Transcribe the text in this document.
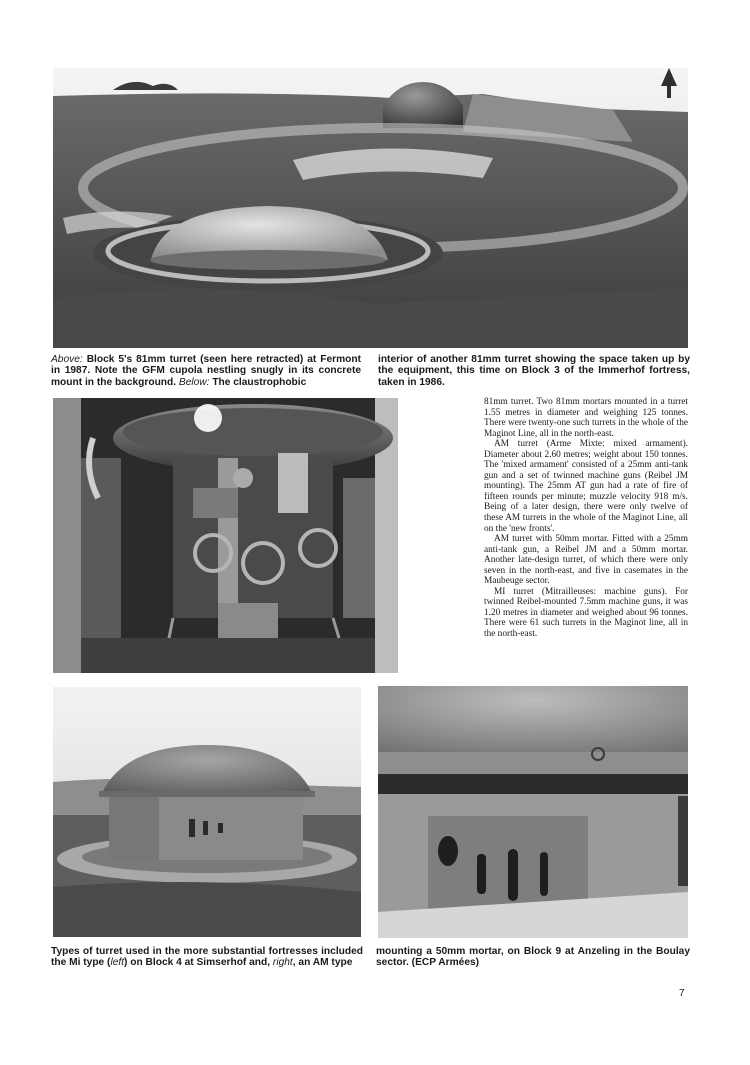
Above: Block 5's 81mm turret (seen here retracted) at Fermont in 1987. Note the GFM cupola nestling snugly in its concrete mount in the background. Below: The claustrophobic

interior of another 81mm turret showing the space taken up by the equipment, this time on Block 3 of the Immerhof fortress, taken in 1986.

81mm turret. Two 81mm mortars mounted in a turret 1.55 metres in diameter and weighing 125 tonnes. There were twenty-one such turrets in the whole of the Maginot Line, all in the north-east.

AM turret (Arme Mixte: mixed armament). Diameter about 2.60 metres; weight about 150 tonnes. The 'mixed armament' consisted of a 25mm anti-tank gun and a set of twinned machine guns (Reibel JM mounting). The 25mm AT gun had a rate of fire of fifteen rounds per minute; muzzle velocity 918 m/s. Being of a later design, there were only twelve of these AM turrets in the whole of the Maginot Line, all on the 'new fronts'.

AM turret with 50mm mortar. Fitted with a 25mm anti-tank gun, a Reibel JM and a 50mm mortar. Another late-design turret, of which there were only seven in the north-east, and five in casemates in the Maubeuge sector.

MI turret (Mitrailleuses: machine guns). For twinned Reibel-mounted 7.5mm machine guns, it was 1.20 metres in diameter and weighed about 96 tonnes. There were 61 such turrets in the Maginot line, all in the north-east.

Types of turret used in the more substantial fortresses included the Mi type (left) on Block 4 at Simserhof and, right, an AM type

mounting a 50mm mortar, on Block 9 at Anzeling in the Boulay sector. (ECP Armées)

7
